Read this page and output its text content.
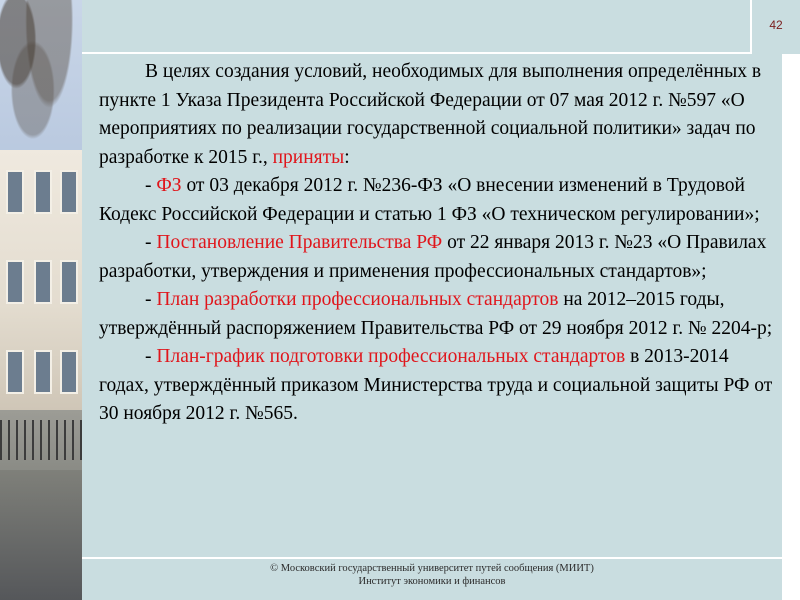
42

В целях создания условий, необходимых для выполнения определённых в пункте 1 Указа Президента Российской Федерации от 07 мая 2012 г. №597 «О мероприятиях по реализации государственной социальной политики» задач по разработке к 2015 г., приняты:

- ФЗ от 03 декабря 2012 г. №236-ФЗ «О внесении изменений в Трудовой Кодекс Российской Федерации и статью 1 ФЗ «О техническом регулировании»;

- Постановление Правительства РФ от 22 января 2013 г. №23 «О Правилах разработки, утверждения и применения профессиональных стандартов»;

- План разработки профессиональных стандартов на 2012–2015 годы, утверждённый распоряжением Правительства РФ от 29 ноября 2012 г. № 2204-р;

- План-график подготовки профессиональных стандартов в 2013-2014 годах, утверждённый приказом Министерства труда и социальной защиты РФ от 30 ноября 2012 г. №565.

© Московский государственный университет путей сообщения (МИИТ)
Институт экономики и финансов
